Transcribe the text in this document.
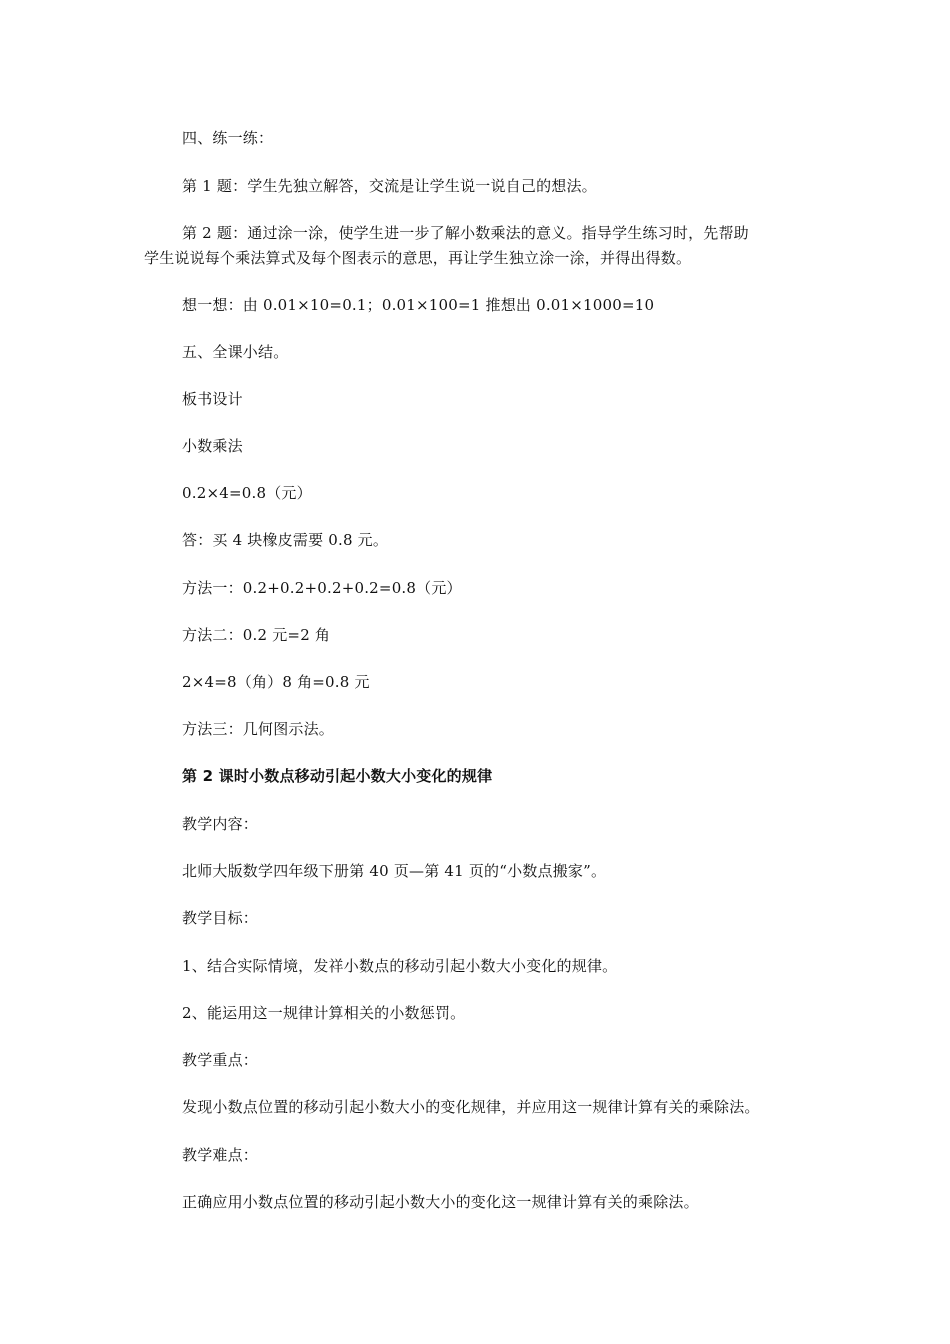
四、练一练：
第 1 题：学生先独立解答，交流是让学生说一说自己的想法。
第 2 题：通过涂一涂，使学生进一步了解小数乘法的意义。指导学生练习时，先帮助
学生说说每个乘法算式及每个图表示的意思，再让学生独立涂一涂，并得出得数。
想一想：由 0.01×10=0.1；0.01×100=1 推想出 0.01×1000=10
五、全课小结。
板书设计
小数乘法
0.2×4=0.8（元）
答：买 4 块橡皮需要 0.8 元。
方法一：0.2+0.2+0.2+0.2=0.8（元）
方法二：0.2 元=2 角
2×4=8（角）8 角=0.8 元
方法三：几何图示法。
第 2 课时小数点移动引起小数大小变化的规律
教学内容：
北师大版数学四年级下册第 40 页—第 41 页的“小数点搬家”。
教学目标：
1、结合实际情境，发祥小数点的移动引起小数大小变化的规律。
2、能运用这一规律计算相关的小数惩罚。
教学重点：
发现小数点位置的移动引起小数大小的变化规律，并应用这一规律计算有关的乘除法。
教学难点：
正确应用小数点位置的移动引起小数大小的变化这一规律计算有关的乘除法。
